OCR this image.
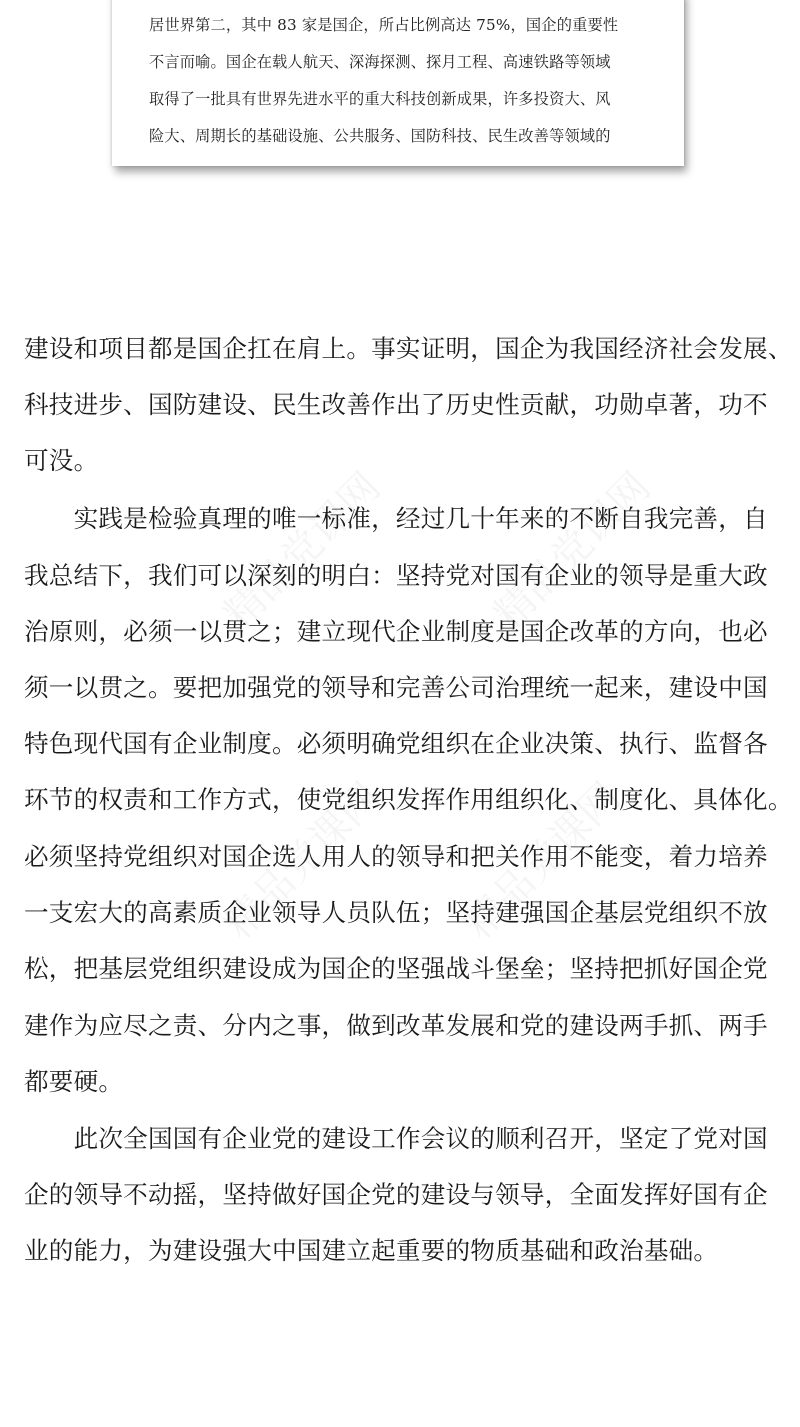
居世界第二，其中 83 家是国企，所占比例高达 75%，国企的重要性
不言而喻。国企在载人航天、深海探测、探月工程、高速铁路等领域
取得了一批具有世界先进水平的重大科技创新成果，许多投资大、风
险大、周期长的基础设施、公共服务、国防科技、民生改善等领域的
建设和项目都是国企扛在肩上。事实证明，国企为我国经济社会发展、
科技进步、国防建设、民生改善作出了历史性贡献，功勋卓著，功不
可没。
　　实践是检验真理的唯一标准，经过几十年来的不断自我完善，自
我总结下，我们可以深刻的明白：坚持党对国有企业的领导是重大政
治原则，必须一以贯之；建立现代企业制度是国企改革的方向，也必
须一以贯之。要把加强党的领导和完善公司治理统一起来，建设中国
特色现代国有企业制度。必须明确党组织在企业决策、执行、监督各
环节的权责和工作方式，使党组织发挥作用组织化、制度化、具体化。
必须坚持党组织对国企选人用人的领导和把关作用不能变，着力培养
一支宏大的高素质企业领导人员队伍；坚持建强国企基层党组织不放
松，把基层党组织建设成为国企的坚强战斗堡垒；坚持把抓好国企党
建作为应尽之责、分内之事，做到改革发展和党的建设两手抓、两手
都要硬。
　　此次全国国有企业党的建设工作会议的顺利召开，坚定了党对国
企的领导不动摇，坚持做好国企党的建设与领导，全面发挥好国有企
业的能力，为建设强大中国建立起重要的物质基础和政治基础。
